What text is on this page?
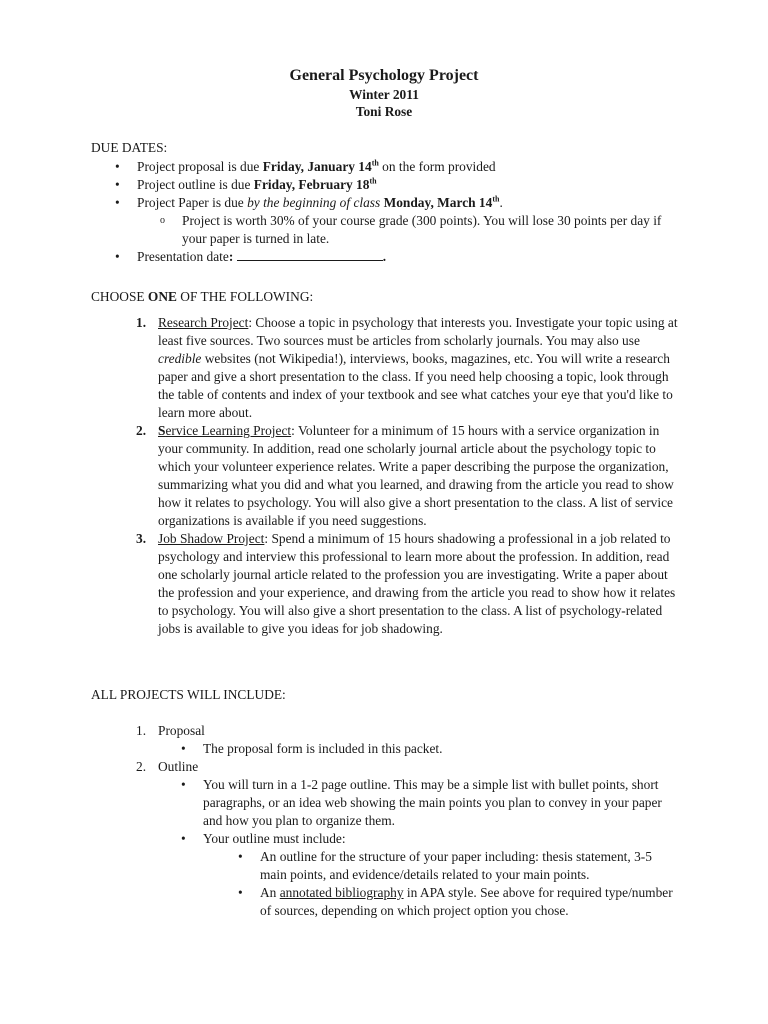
General Psychology Project
Winter 2011
Toni Rose
DUE DATES:
• Project proposal is due Friday, January 14th on the form provided
• Project outline is due Friday, February 18th
• Project Paper is due by the beginning of class Monday, March 14th.
o Project is worth 30% of your course grade (300 points). You will lose 30 points per day if your paper is turned in late.
• Presentation date:	.
CHOOSE ONE OF THE FOLLOWING:
1. Research Project: Choose a topic in psychology that interests you. Investigate your topic using at least five sources. Two sources must be articles from scholarly journals. You may also use credible websites (not Wikipedia!), interviews, books, magazines, etc. You will write a research paper and give a short presentation to the class. If you need help choosing a topic, look through the table of contents and index of your textbook and see what catches your eye that you'd like to learn more about.
2. Service Learning Project: Volunteer for a minimum of 15 hours with a service organization in your community. In addition, read one scholarly journal article about the psychology topic to which your volunteer experience relates. Write a paper describing the purpose the organization, summarizing what you did and what you learned, and drawing from the article you read to show how it relates to psychology. You will also give a short presentation to the class. A list of service organizations is available if you need suggestions.
3. Job Shadow Project: Spend a minimum of 15 hours shadowing a professional in a job related to psychology and interview this professional to learn more about the profession. In addition, read one scholarly journal article related to the profession you are investigating. Write a paper about the profession and your experience, and drawing from the article you read to show how it relates to psychology. You will also give a short presentation to the class. A list of psychology-related jobs is available to give you ideas for job shadowing.
ALL PROJECTS WILL INCLUDE:
1. Proposal
• The proposal form is included in this packet.
2. Outline
• You will turn in a 1-2 page outline. This may be a simple list with bullet points, short paragraphs, or an idea web showing the main points you plan to convey in your paper and how you plan to organize them.
• Your outline must include:
• An outline for the structure of your paper including: thesis statement, 3-5 main points, and evidence/details related to your main points.
• An annotated bibliography in APA style. See above for required type/number of sources, depending on which project option you chose.
